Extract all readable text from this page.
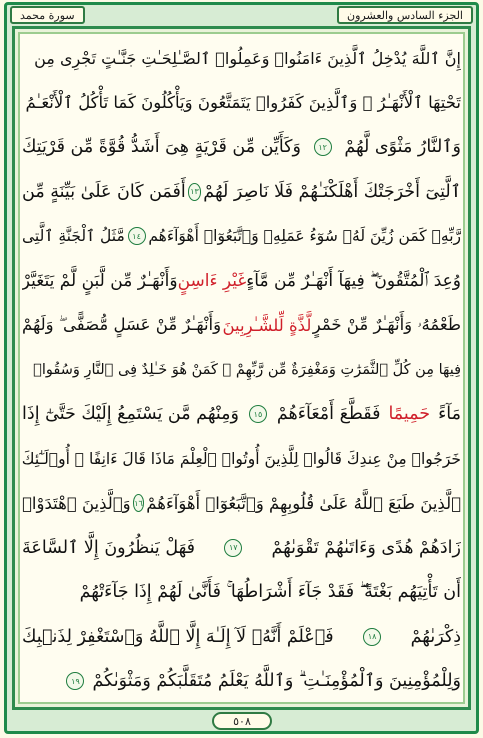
الجزء السادس والعشرون
سورة محمد
إِنَّ ٱللَّهَ يُدْخِلُ ٱلَّذِينَ ءَامَنُوا۟ وَعَمِلُوا۟ ٱلصَّـٰلِحَـٰتِ جَنَّـٰتٍ تَجْرِى مِن
تَحْتِهَا ٱلْأَنْهَـٰرُ ۖ وَٱلَّذِينَ كَفَرُوا۟ يَتَمَتَّعُونَ وَيَأْكُلُونَ كَمَا تَأْكُلُ ٱلْأَنْعَـٰمُ
وَٱلنَّارُ مَثْوًى لَّهُمْ
١٢
وَكَأَيِّن مِّن قَرْيَةٍ هِىَ أَشَدُّ قُوَّةً مِّن قَرْيَتِكَ
ٱلَّتِىٓ أَخْرَجَتْكَ أَهْلَكْنَـٰهُمْ فَلَا نَاصِرَ لَهُمْ
١٣
أَفَمَن كَانَ عَلَىٰ بَيِّنَةٍ مِّن
رَّبِّهِۦ كَمَن زُيِّنَ لَهُۥ سُوٓءُ عَمَلِهِۦ وَٱتَّبَعُوٓا۟ أَهْوَآءَهُم
١٤
مَّثَلُ ٱلْجَنَّةِ ٱلَّتِى
وُعِدَ ٱلْمُتَّقُونَ ۖ فِيهَآ أَنْهَـٰرٌ مِّن مَّآءٍ
غَيْرِ ءَاسِنٍ
وَأَنْهَـٰرٌ مِّن لَّبَنٍ لَّمْ يَتَغَيَّرْ
طَعْمُهُۥ وَأَنْهَـٰرٌ مِّنْ خَمْرٍ
لَّذَّةٍ لِّلشَّـٰرِبِينَ
وَأَنْهَـٰرٌ مِّنْ عَسَلٍ مُّصَفًّى ۖ وَلَهُمْ
فِيهَا مِن كُلِّ ٱلثَّمَرَٰتِ وَمَغْفِرَةٌ مِّن رَّبِّهِمْ ۖ كَمَنْ هُوَ خَـٰلِدٌ فِى ٱلنَّارِ وَسُقُوا۟
مَآءً
حَمِيمًا
فَقَطَّعَ أَمْعَآءَهُمْ
١٥
وَمِنْهُم مَّن يَسْتَمِعُ إِلَيْكَ حَتَّىٰٓ إِذَا
خَرَجُوا۟ مِنْ عِندِكَ قَالُوا۟ لِلَّذِينَ أُوتُوا۟ ٱلْعِلْمَ مَاذَا قَالَ ءَانِفًا ۚ أُو۟لَـٰٓئِكَ
ٱلَّذِينَ طَبَعَ ٱللَّهُ عَلَىٰ قُلُوبِهِمْ وَٱتَّبَعُوٓا۟ أَهْوَآءَهُمْ
١٦
وَٱلَّذِينَ ٱهْتَدَوْا۟
زَادَهُمْ هُدًى وَءَاتَىٰهُمْ تَقْوَىٰهُمْ
١٧
فَهَلْ يَنظُرُونَ إِلَّا ٱلسَّاعَةَ
أَن تَأْتِيَهُم بَغْتَةً ۖ فَقَدْ جَآءَ أَشْرَاطُهَا ۚ فَأَنَّىٰ لَهُمْ إِذَا جَآءَتْهُمْ
ذِكْرَىٰهُمْ
١٨
فَٱعْلَمْ أَنَّهُۥ لَآ إِلَـٰهَ إِلَّا ٱللَّهُ وَٱسْتَغْفِرْ لِذَنۢبِكَ
وَلِلْمُؤْمِنِينَ وَٱلْمُؤْمِنَـٰتِ ۗ وَٱللَّهُ يَعْلَمُ مُتَقَلَّبَكُمْ وَمَثْوَىٰكُمْ
١٩
٥٠٨
